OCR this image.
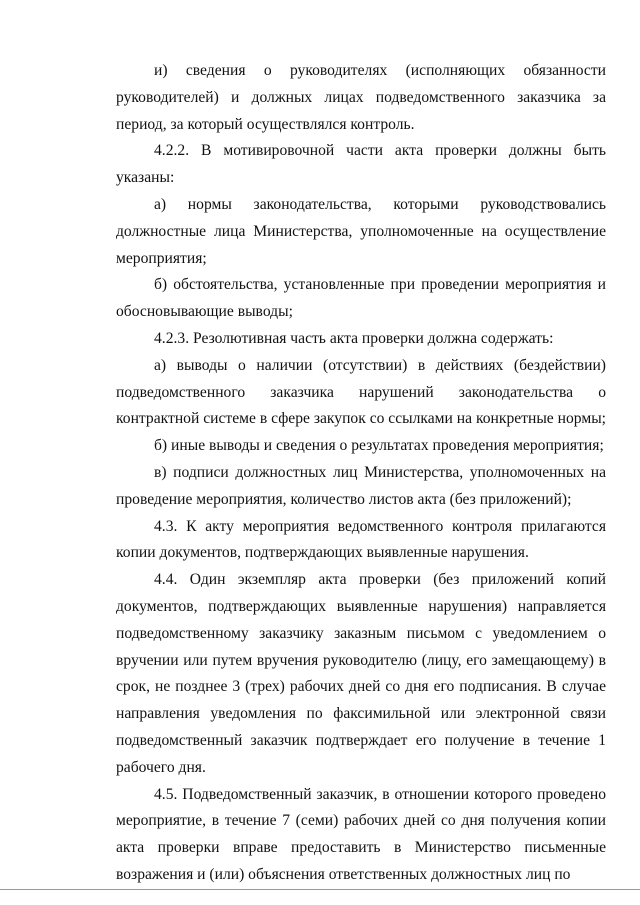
и) сведения о руководителях (исполняющих обязанности руководителей) и должных лицах подведомственного заказчика за период, за который осуществлялся контроль.

4.2.2. В мотивировочной части акта проверки должны быть указаны:

а) нормы законодательства, которыми руководствовались должностные лица Министерства, уполномоченные на осуществление мероприятия;

б) обстоятельства, установленные при проведении мероприятия и обосновывающие выводы;

4.2.3. Резолютивная часть акта проверки должна содержать:

а) выводы о наличии (отсутствии) в действиях (бездействии) подведомственного заказчика нарушений законодательства о контрактной системе в сфере закупок со ссылками на конкретные нормы;

б) иные выводы и сведения о результатах проведения мероприятия;

в) подписи должностных лиц Министерства, уполномоченных на проведение мероприятия, количество листов акта (без приложений);

4.3. К акту мероприятия ведомственного контроля прилагаются копии документов, подтверждающих выявленные нарушения.

4.4. Один экземпляр акта проверки (без приложений копий документов, подтверждающих выявленные нарушения) направляется подведомственному заказчику заказным письмом с уведомлением о вручении или путем вручения руководителю (лицу, его замещающему) в срок, не позднее 3 (трех) рабочих дней со дня его подписания. В случае направления уведомления по факсимильной или электронной связи подведомственный заказчик подтверждает его получение в течение 1 рабочего дня.

4.5. Подведомственный заказчик, в отношении которого проведено мероприятие, в течение 7 (семи) рабочих дней со дня получения копии акта проверки вправе предоставить в Министерство письменные возражения и (или) объяснения ответственных должностных лиц по
